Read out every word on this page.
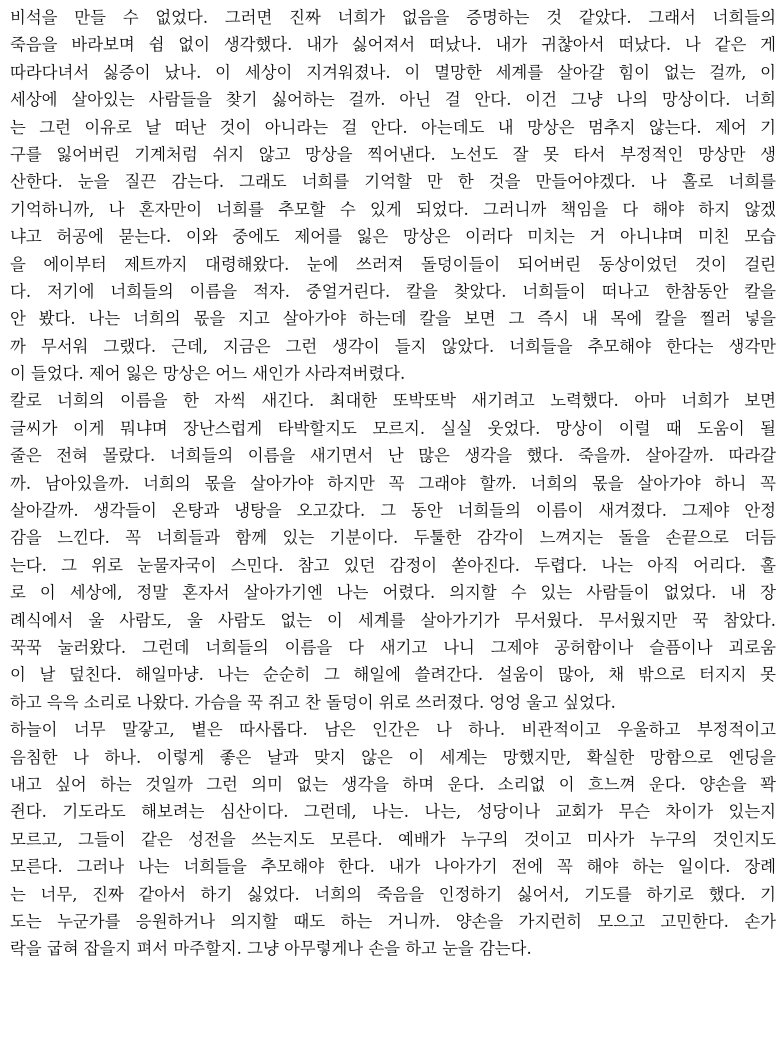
비석을 만들 수 없었다. 그러면 진짜 너희가 없음을 증명하는 것 같았다. 그래서 너희들의
죽음을 바라보며 쉼 없이 생각했다. 내가 싫어져서 떠났나. 내가 귀찮아서 떠났다. 나 같은 게
따라다녀서 싫증이 났나. 이 세상이 지겨워졌나. 이 멸망한 세계를 살아갈 힘이 없는 걸까, 이
세상에 살아있는 사람들을 찾기 싫어하는 걸까. 아닌 걸 안다. 이건 그냥 나의 망상이다. 너희
는 그런 이유로 날 떠난 것이 아니라는 걸 안다. 아는데도 내 망상은 멈추지 않는다. 제어 기
구를 잃어버린 기계처럼 쉬지 않고 망상을 찍어낸다. 노선도 잘 못 타서 부정적인 망상만 생
산한다. 눈을 질끈 감는다. 그래도 너희를 기억할 만 한 것을 만들어야겠다. 나 홀로 너희를
기억하니까, 나 혼자만이 너희를 추모할 수 있게 되었다. 그러니까 책임을 다 해야 하지 않겠
냐고 허공에 묻는다. 이와 중에도 제어를 잃은 망상은 이러다 미치는 거 아니냐며 미친 모습
을 에이부터 제트까지 대령해왔다. 눈에 쓰러져 돌덩이들이 되어버린 동상이었던 것이 걸린
다. 저기에 너희들의 이름을 적자. 중얼거린다. 칼을 찾았다. 너희들이 떠나고 한참동안 칼을
안 봤다. 나는 너희의 몫을 지고 살아가야 하는데 칼을 보면 그 즉시 내 목에 칼을 찔러 넣을
까 무서워 그랬다. 근데, 지금은 그런 생각이 들지 않았다. 너희들을 추모해야 한다는 생각만
이 들었다. 제어 잃은 망상은 어느 새인가 사라져버렸다.
칼로 너희의 이름을 한 자씩 새긴다. 최대한 또박또박 새기려고 노력했다. 아마 너희가 보면
글씨가 이게 뭐냐며 장난스럽게 타박할지도 모르지. 실실 웃었다. 망상이 이럴 때 도움이 될
줄은 전혀 몰랐다. 너희들의 이름을 새기면서 난 많은 생각을 했다. 죽을까. 살아갈까. 따라갈
까. 남아있을까. 너희의 몫을 살아가야 하지만 꼭 그래야 할까. 너희의 몫을 살아가야 하니 꼭
살아갈까. 생각들이 온탕과 냉탕을 오고갔다. 그 동안 너희들의 이름이 새겨졌다. 그제야 안정
감을 느낀다. 꼭 너희들과 함께 있는 기분이다. 두툴한 감각이 느껴지는 돌을 손끝으로 더듬
는다. 그 위로 눈물자국이 스민다. 참고 있던 감정이 쏟아진다. 두렵다. 나는 아직 어리다. 홀
로 이 세상에, 정말 혼자서 살아가기엔 나는 어렸다. 의지할 수 있는 사람들이 없었다. 내 장
례식에서 울 사람도, 울 사람도 없는 이 세계를 살아가기가 무서웠다. 무서웠지만 꾹 참았다.
꾹꾹 눌러왔다. 그런데 너희들의 이름을 다 새기고 나니 그제야 공허함이나 슬픔이나 괴로움
이 날 덮친다. 해일마냥. 나는 순순히 그 해일에 쓸려간다. 설움이 많아, 채 밖으로 터지지 못
하고 윽윽 소리로 나왔다. 가슴을 꾹 쥐고 찬 돌덩이 위로 쓰러졌다. 엉엉 울고 싶었다.
하늘이 너무 말갛고, 볕은 따사롭다. 남은 인간은 나 하나. 비관적이고 우울하고 부정적이고
음침한 나 하나. 이렇게 좋은 날과 맞지 않은 이 세계는 망했지만, 확실한 망함으로 엔딩을
내고 싶어 하는 것일까 그런 의미 없는 생각을 하며 운다. 소리없 이 흐느껴 운다. 양손을 꽉
쥔다. 기도라도 해보려는 심산이다. 그런데, 나는. 나는, 성당이나 교회가 무슨 차이가 있는지
모르고, 그들이 같은 성전을 쓰는지도 모른다. 예배가 누구의 것이고 미사가 누구의 것인지도
모른다. 그러나 나는 너희들을 추모해야 한다. 내가 나아가기 전에 꼭 해야 하는 일이다. 장례
는 너무, 진짜 같아서 하기 싫었다. 너희의 죽음을 인정하기 싫어서, 기도를 하기로 했다. 기
도는 누군가를 응원하거나 의지할 때도 하는 거니까. 양손을 가지런히 모으고 고민한다. 손가
락을 굽혀 잡을지 펴서 마주할지. 그냥 아무렇게나 손을 하고 눈을 감는다.
